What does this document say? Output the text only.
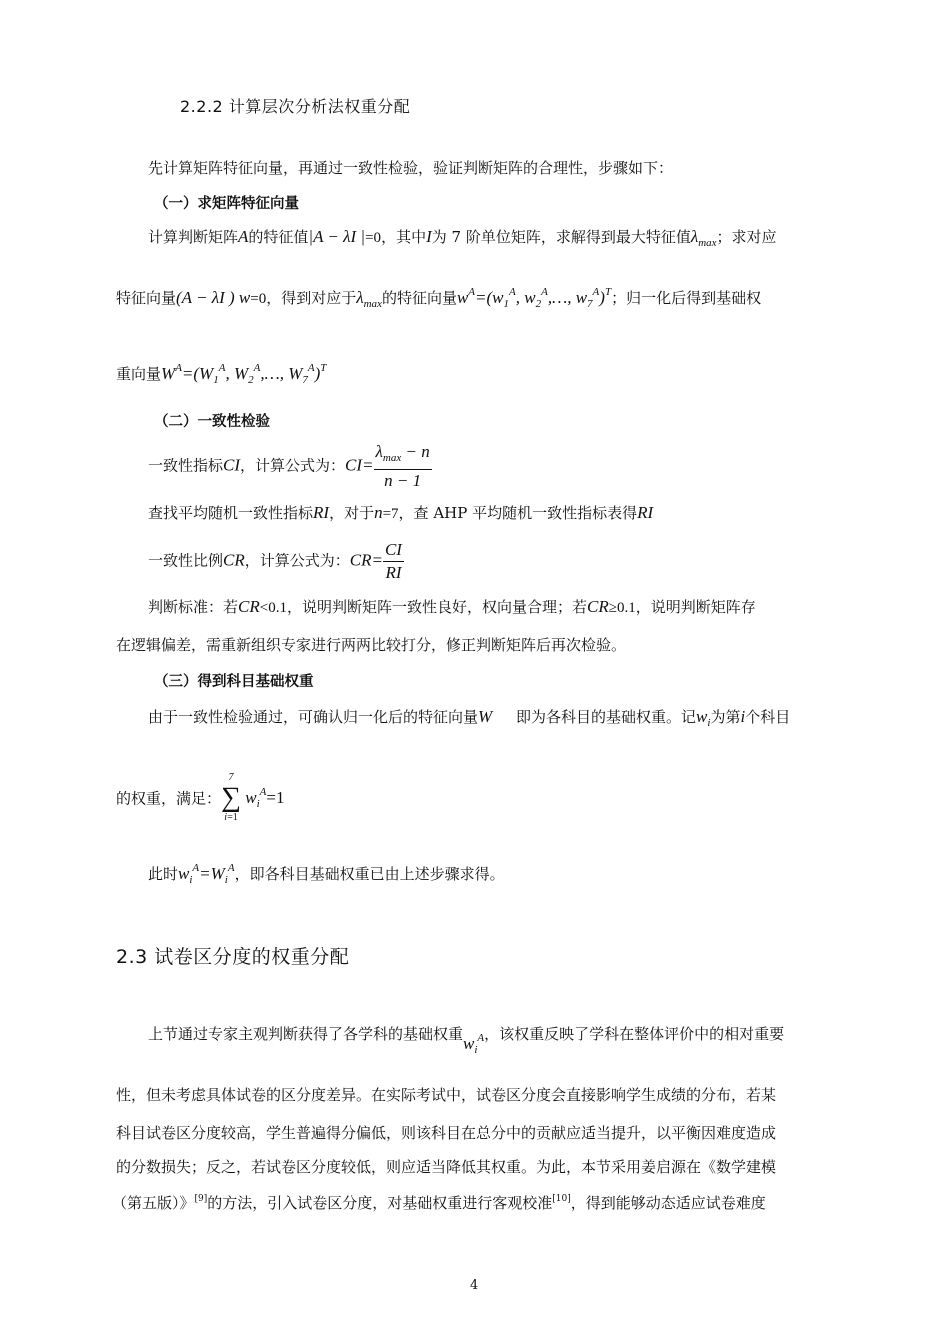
2.2.2 计算层次分析法权重分配
先计算矩阵特征向量，再通过一致性检验，验证判断矩阵的合理性，步骤如下：
（一）求矩阵特征向量
计算判断矩阵A的特征值|A − λI |=0，其中I为 7 阶单位矩阵，求解得到最大特征值$\lambda_{max}$；求对应
特征向量(A − λI ) w=0，得到对应于$\lambda_{max}$的特征向量$w^A=(w_1^A$, $w_2^A,\dots$, $w_7^A)^T$；归一化后得到基础权
重向量$W^A=(W_1^A$, $W_2^A,\dots$, $W_7^A)^T$
（二）一致性检验
一致性指标CI，计算公式为：$CI= \frac{\lambda_{max} - n}{n - 1}$
查找平均随机一致性指标RI，对于n=7，查 AHP 平均随机一致性指标表得RI
一致性比例CR，计算公式为：$CR= \frac{CI}{RI}$
判断标准：若CR<0.1，说明判断矩阵一致性良好，权向量合理；若CR≥0.1，说明判断矩阵存
在逻辑偏差，需重新组织专家进行两两比较打分，修正判断矩阵后再次检验。
（三）得到科目基础权重
由于一致性检验通过，可确认归一化后的特征向量W 即为各科目的基础权重。记$w_i$为第i个科目
的权重，满足：
7
∑
i=1
$w_i^A=1$
此时$w_i^A=W_i^A$，即各科目基础权重已由上述步骤求得。
2.3 试卷区分度的权重分配
上节通过专家主观判断获得了各学科的基础权重$w_i^A$，该权重反映了学科在整体评价中的相对重要
性，但未考虑具体试卷的区分度差异。在实际考试中，试卷区分度会直接影响学生成绩的分布，若某
科目试卷区分度较高，学生普遍得分偏低，则该科目在总分中的贡献应适当提升，以平衡因难度造成
的分数损失；反之，若试卷区分度较低，则应适当降低其权重。为此，本节采用姜启源在《数学建模
（第五版）》[9]的方法，引入试卷区分度，对基础权重进行客观校准[10]，得到能够动态适应试卷难度
4
